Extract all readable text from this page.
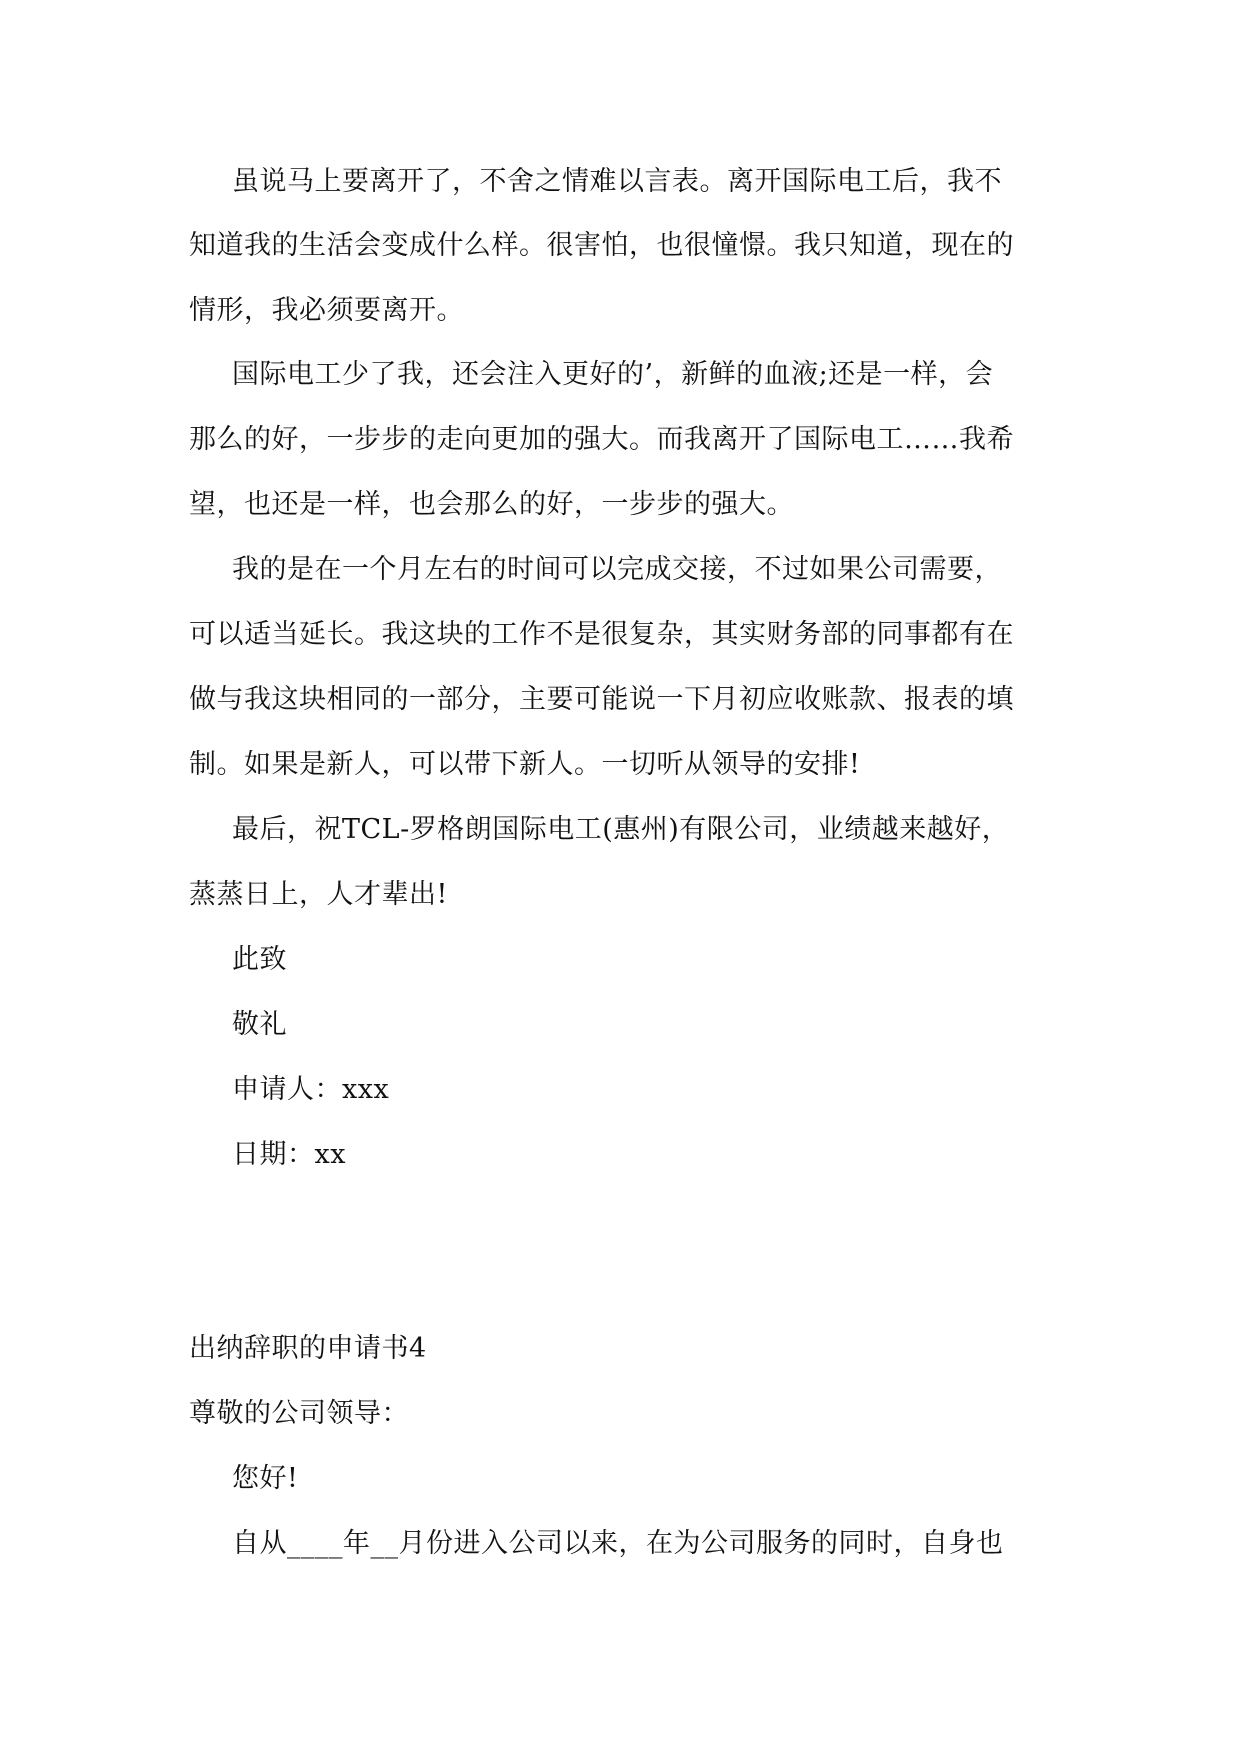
虽说马上要离开了，不舍之情难以言表。离开国际电工后，我不
知道我的生活会变成什么样。很害怕，也很憧憬。我只知道，现在的
情形，我必须要离开。
国际电工少了我，还会注入更好的’，新鲜的血液;还是一样，会
那么的好，一步步的走向更加的强大。而我离开了国际电工……我希
望，也还是一样，也会那么的好，一步步的强大。
我的是在一个月左右的时间可以完成交接，不过如果公司需要，
可以适当延长。我这块的工作不是很复杂，其实财务部的同事都有在
做与我这块相同的一部分，主要可能说一下月初应收账款、报表的填
制。如果是新人，可以带下新人。一切听从领导的安排!
最后，祝TCL-罗格朗国际电工(惠州)有限公司，业绩越来越好，
蒸蒸日上，人才辈出!
此致
敬礼
申请人：xxx
日期：xx
出纳辞职的申请书4
尊敬的公司领导：
您好!
自从____年__月份进入公司以来，在为公司服务的同时，自身也
